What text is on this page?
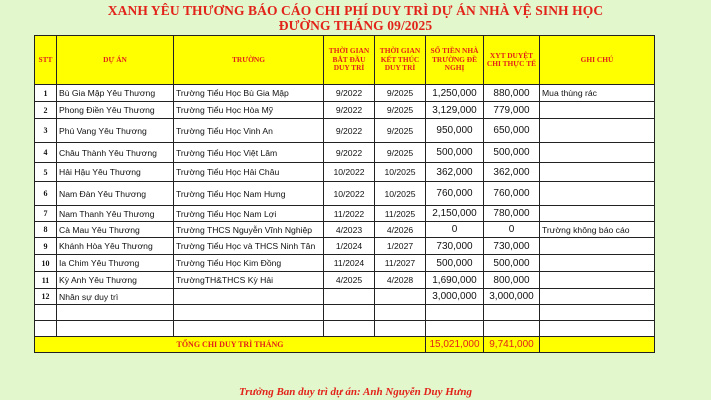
XANH YÊU THƯƠNG BÁO CÁO CHI PHÍ DUY TRÌ DỰ ÁN NHÀ VỆ SINH HỌC
ĐƯỜNG THÁNG 09/2025
STT	DỰ ÁN	TRƯỜNG	THỜI GIAN BẮT ĐẦU DUY TRÌ	THỜI GIAN KẾT THÚC DUY TRÌ	SỐ TIỀN NHÀ TRƯỜNG ĐỀ NGHỊ	XYT DUYỆT CHI THỰC TẾ	GHI CHÚ
1	Bù Gia Mập Yêu Thương	Trường Tiểu Học Bù Gia Mập	9/2022	9/2025	1,250,000	880,000	Mua thùng rác
2	Phong Điền Yêu Thương	Trường Tiểu Học Hòa Mỹ	9/2022	9/2025	3,129,000	779,000	
3	Phú Vang Yêu Thương	Trường Tiểu Học Vinh An	9/2022	9/2025	950,000	650,000	
4	Châu Thành Yêu Thương	Trường Tiểu Học Việt Lâm	9/2022	9/2025	500,000	500,000	
5	Hải Hậu Yêu Thương	Trường Tiểu Học Hải Châu	10/2022	10/2025	362,000	362,000	
6	Nam Đàn Yêu Thương	Trường Tiểu Học Nam Hưng	10/2022	10/2025	760,000	760,000	
7	Nam Thanh Yêu Thương	Trường Tiểu Học Nam Lợi	11/2022	11/2025	2,150,000	780,000	
8	Cà Mau Yêu Thương	Trường THCS Nguyễn Vĩnh Nghiệp	4/2023	4/2026	0	0	Trường không báo cáo
9	Khánh Hòa Yêu Thương	Trường Tiểu Học và THCS Ninh Tân	1/2024	1/2027	730,000	730,000	
10	Ia Chim Yêu Thương	Trường Tiểu Học Kim Đồng	11/2024	11/2027	500,000	500,000	
11	Kỳ Anh Yêu Thương	TrườngTH&THCS Kỳ Hải	4/2025	4/2028	1,690,000	800,000	
12	Nhân sự duy trì				3,000,000	3,000,000	

TỔNG CHI DUY TRÌ THÁNG					15,021,000	9,741,000	
Trưởng Ban duy trì dự án: Anh Nguyễn Duy Hưng
